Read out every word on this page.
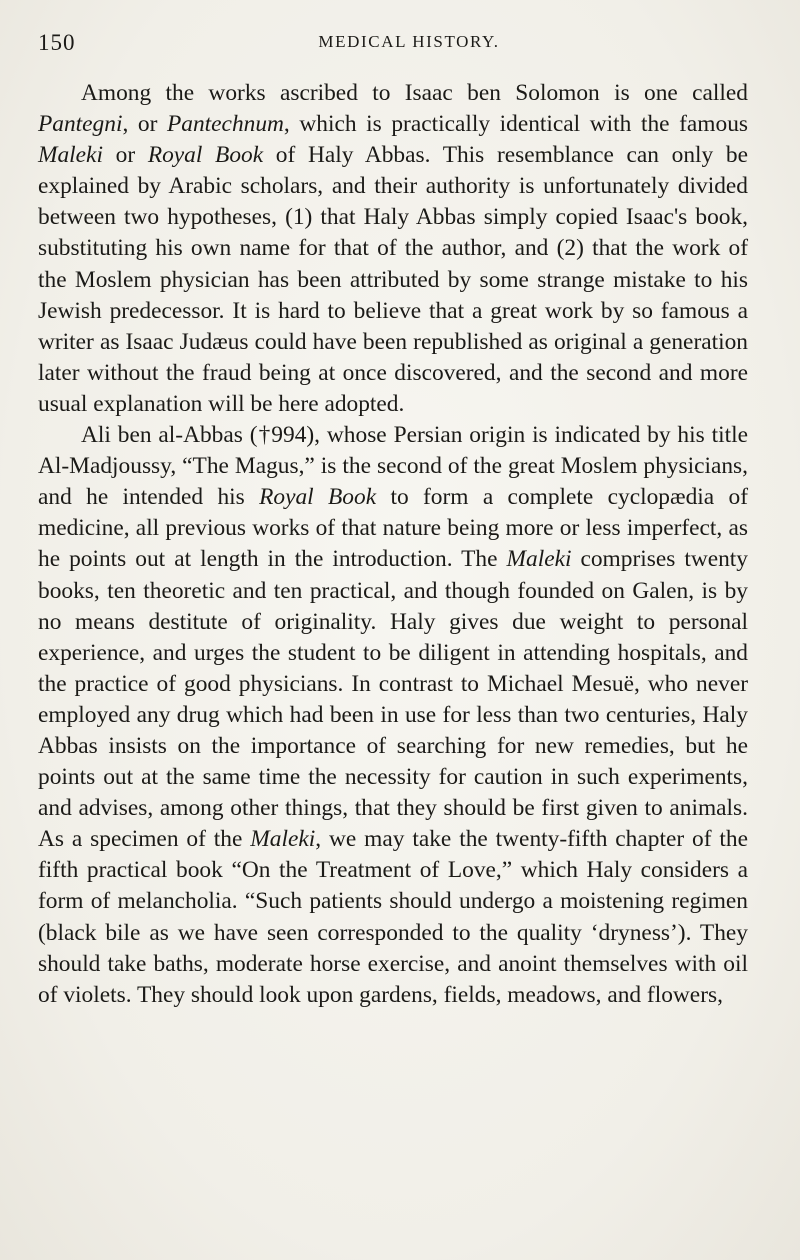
150	MEDICAL HISTORY.

Among the works ascribed to Isaac ben Solomon is one called Pantegni, or Pantechnum, which is practically identical with the famous Maleki or Royal Book of Haly Abbas. This resemblance can only be explained by Arabic scholars, and their authority is unfortunately divided between two hypotheses, (1) that Haly Abbas simply copied Isaac's book, substituting his own name for that of the author, and (2) that the work of the Moslem physician has been attributed by some strange mistake to his Jewish predecessor. It is hard to believe that a great work by so famous a writer as Isaac Judæus could have been republished as original a generation later without the fraud being at once discovered, and the second and more usual explanation will be here adopted.

Ali ben al-Abbas (†994), whose Persian origin is indicated by his title Al-Madjoussy, “The Magus,” is the second of the great Moslem physicians, and he intended his Royal Book to form a complete cyclopædia of medicine, all previous works of that nature being more or less imperfect, as he points out at length in the introduction. The Maleki comprises twenty books, ten theoretic and ten practical, and though founded on Galen, is by no means destitute of originality. Haly gives due weight to personal experience, and urges the student to be diligent in attending hospitals, and the practice of good physicians. In contrast to Michael Mesuë, who never employed any drug which had been in use for less than two centuries, Haly Abbas insists on the importance of searching for new remedies, but he points out at the same time the necessity for caution in such experiments, and advises, among other things, that they should be first given to animals. As a specimen of the Maleki, we may take the twenty-fifth chapter of the fifth practical book “On the Treatment of Love,” which Haly considers a form of melancholia. “Such patients should undergo a moistening regimen (black bile as we have seen corresponded to the quality ‘dryness’). They should take baths, moderate horse exercise, and anoint themselves with oil of violets. They should look upon gardens, fields, meadows, and flowers,
